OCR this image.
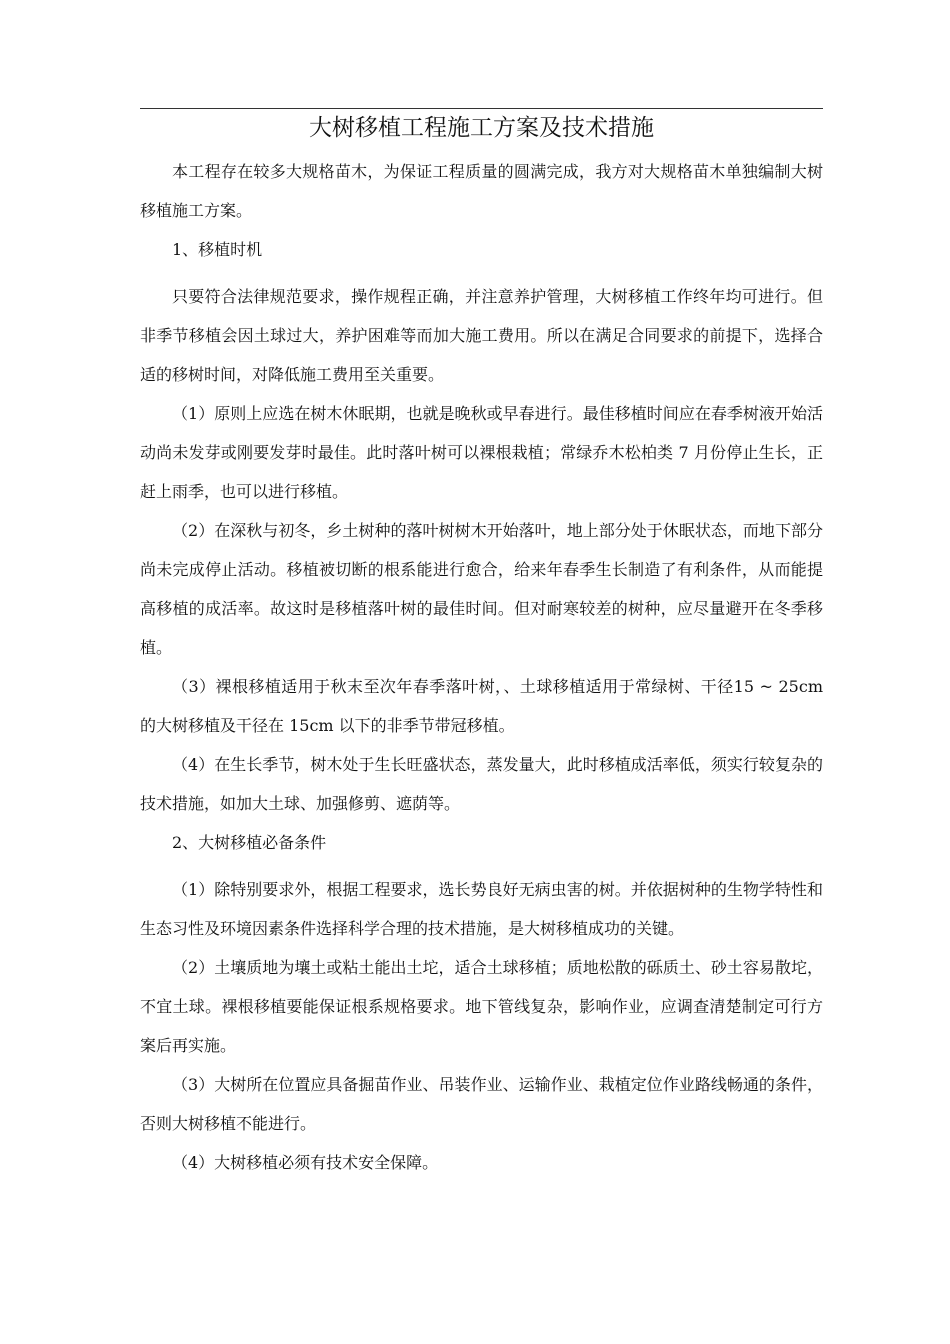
大树移植工程施工方案及技术措施

本工程存在较多大规格苗木，为保证工程质量的圆满完成，我方对大规格苗木单独编制大树移植施工方案。

1、移植时机

只要符合法律规范要求，操作规程正确，并注意养护管理，大树移植工作终年均可进行。但非季节移植会因土球过大，养护困难等而加大施工费用。所以在满足合同要求的前提下，选择合适的移树时间，对降低施工费用至关重要。

（1）原则上应选在树木休眠期，也就是晚秋或早春进行。最佳移植时间应在春季树液开始活动尚未发芽或刚要发芽时最佳。此时落叶树可以裸根栽植；常绿乔木松柏类 7 月份停止生长，正赶上雨季，也可以进行移植。

（2）在深秋与初冬，乡土树种的落叶树树木开始落叶，地上部分处于休眠状态，而地下部分尚未完成停止活动。移植被切断的根系能进行愈合，给来年春季生长制造了有利条件，从而能提高移植的成活率。故这时是移植落叶树的最佳时间。但对耐寒较差的树种，应尽量避开在冬季移植。

（3）裸根移植适用于秋末至次年春季落叶树，、土球移植适用于常绿树、干径15 ~ 25cm 的大树移植及干径在 15cm 以下的非季节带冠移植。

（4）在生长季节，树木处于生长旺盛状态，蒸发量大，此时移植成活率低，须实行较复杂的技术措施，如加大土球、加强修剪、遮荫等。

2、大树移植必备条件

（1）除特别要求外，根据工程要求，选长势良好无病虫害的树。并依据树种的生物学特性和生态习性及环境因素条件选择科学合理的技术措施，是大树移植成功的关键。

（2）土壤质地为壤土或粘土能出土坨，适合土球移植；质地松散的砾质土、砂土容易散坨，不宜土球。裸根移植要能保证根系规格要求。地下管线复杂，影响作业，应调查清楚制定可行方案后再实施。

（3）大树所在位置应具备掘苗作业、吊装作业、运输作业、栽植定位作业路线畅通的条件，否则大树移植不能进行。

（4）大树移植必须有技术安全保障。
